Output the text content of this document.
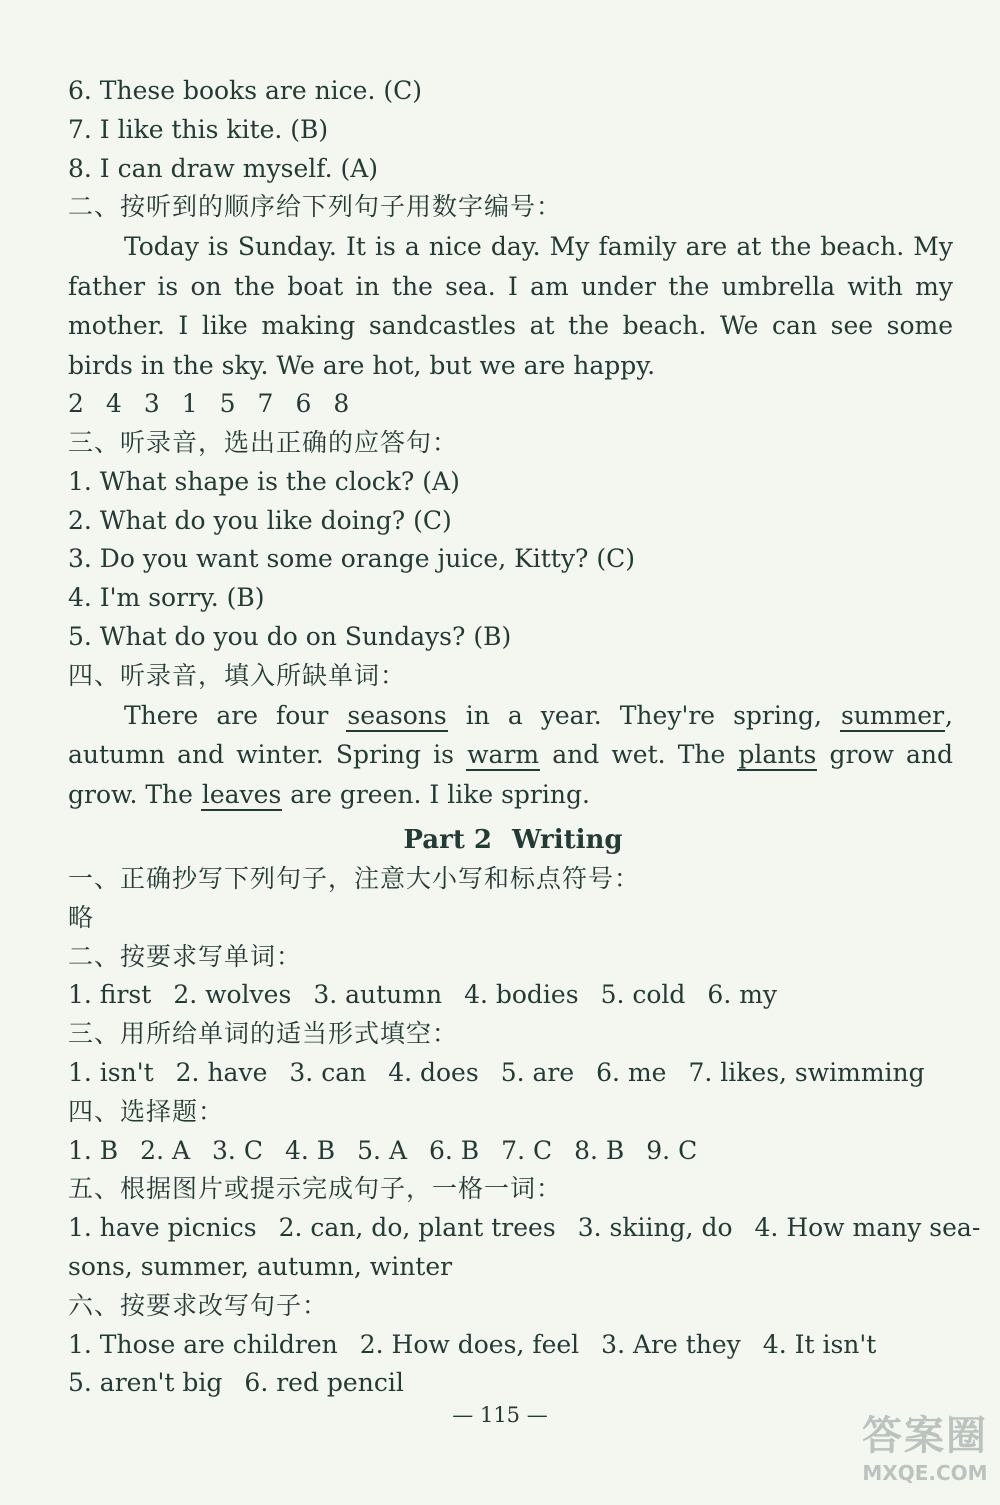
6. These books are nice. (C)
7. I like this kite. (B)
8. I can draw myself. (A)
二、按听到的顺序给下列句子用数字编号：

Today is Sunday. It is a nice day. My family are at the beach. My father is on the boat in the sea. I am under the umbrella with my mother. I like making sandcastles at the beach. We can see some birds in the sky. We are hot, but we are happy.

2 4 3 1 5 7 6 8
三、听录音，选出正确的应答句：
1. What shape is the clock? (A)
2. What do you like doing? (C)
3. Do you want some orange juice, Kitty? (C)
4. I'm sorry. (B)
5. What do you do on Sundays? (B)
四、听录音，填入所缺单词：

There are four seasons in a year. They're spring, summer, autumn and winter. Spring is warm and wet. The plants grow and grow. The leaves are green. I like spring.

Part 2 Writing
一、正确抄写下列句子，注意大小写和标点符号：
略
二、按要求写单词：
1. first 2. wolves 3. autumn 4. bodies 5. cold 6. my
三、用所给单词的适当形式填空：
1. isn't 2. have 3. can 4. does 5. are 6. me 7. likes, swimming
四、选择题：
1. B 2. A 3. C 4. B 5. A 6. B 7. C 8. B 9. C
五、根据图片或提示完成句子，一格一词：
1. have picnics 2. can, do, plant trees 3. skiing, do 4. How many sea-
sons, summer, autumn, winter
六、按要求改写句子：
1. Those are children 2. How does, feel 3. Are they 4. It isn't
5. aren't big 6. red pencil
— 115 —	答案圈
MXQE.COM
